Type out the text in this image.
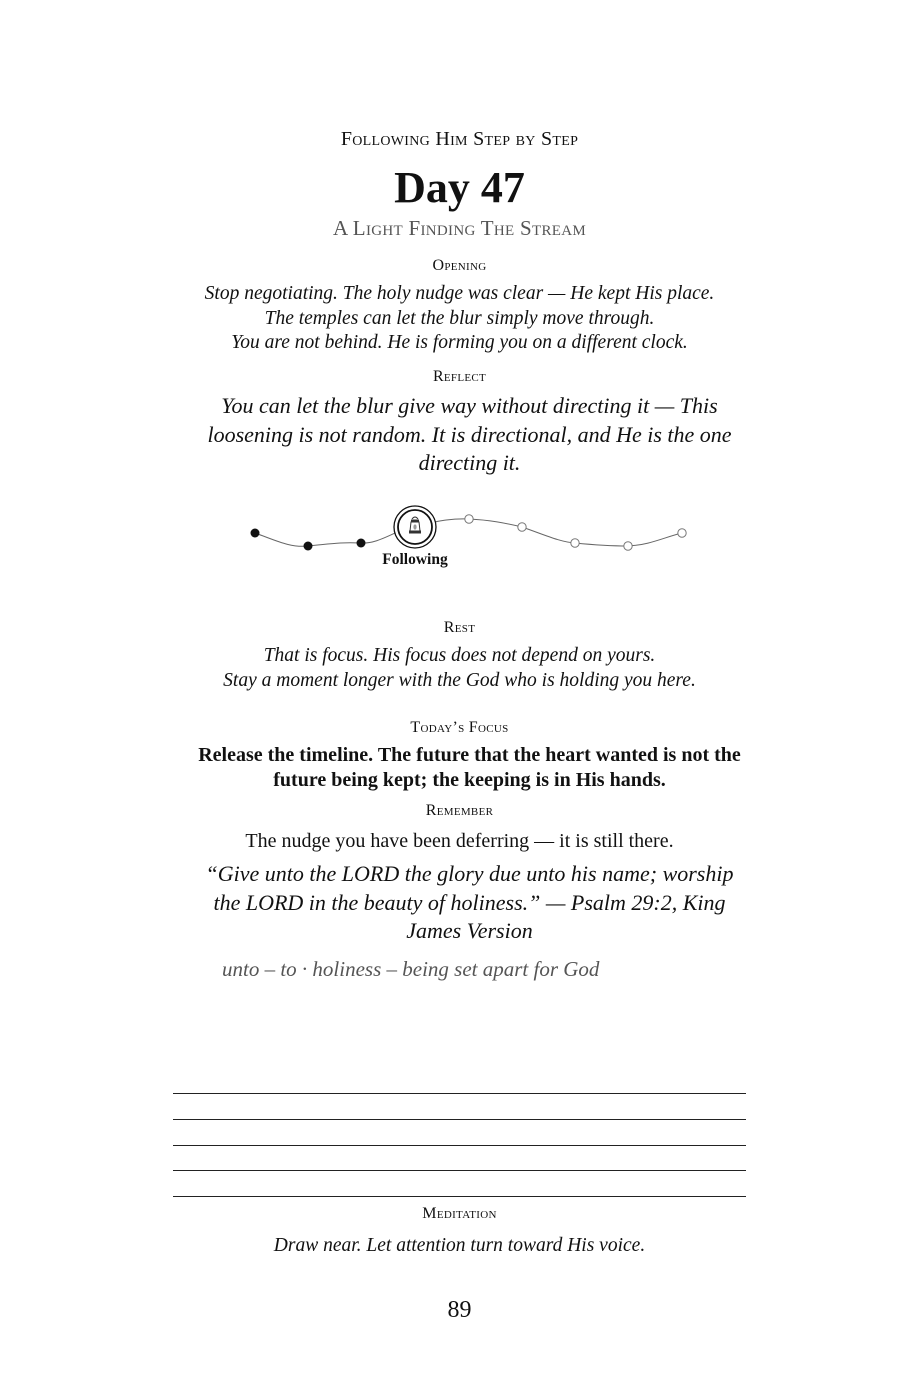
Following Him Step by Step
Day 47
A Light Finding The Stream
Opening
Stop negotiating. The holy nudge was clear — He kept His place.
The temples can let the blur simply move through.
You are not behind. He is forming you on a different clock.
Reflect
You can let the blur give way without directing it — This loosening is not random. It is directional, and He is the one directing it.
Following
Rest
That is focus. His focus does not depend on yours.
Stay a moment longer with the God who is holding you here.
Today’s Focus
Release the timeline. The future that the heart wanted is not the future being kept; the keeping is in His hands.
Remember
The nudge you have been deferring — it is still there.
“Give unto the LORD the glory due unto his name; worship the LORD in the beauty of holiness.” — Psalm 29:2, King James Version
unto – to · holiness – being set apart for God
Meditation
Draw near. Let attention turn toward His voice.
89
